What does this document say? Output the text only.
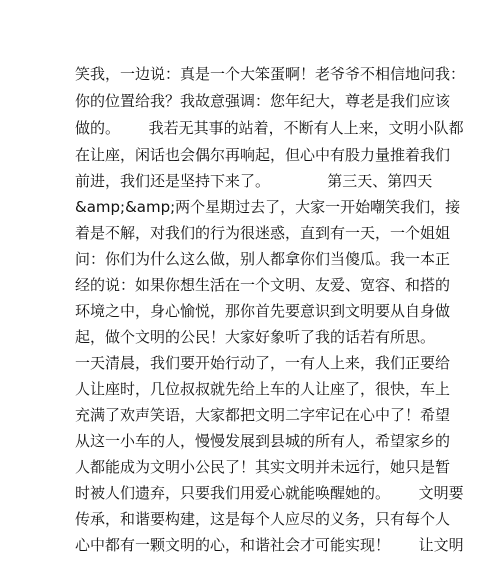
笑我，一边说：真是一个大笨蛋啊！老爷爷不相信地问我：
你的位置给我？我故意强调：您年纪大，尊老是我们应该
做的。      我若无其事的站着，不断有人上来，文明小队都
在让座，闲话也会偶尔再响起，但心中有股力量推着我们
前进，我们还是坚持下来了。            第三天、第四天
&amp;&amp;两个星期过去了，大家一开始嘲笑我们，接
着是不解，对我们的行为很迷惑，直到有一天，一个姐姐
问：你们为什么这么做，别人都拿你们当傻瓜。我一本正
经的说：如果你想生活在一个文明、友爱、宽容、和搭的
环境之中，身心愉悦，那你首先要意识到文明要从自身做
起，做个文明的公民！大家好象听了我的话若有所思。
一天清晨，我们要开始行动了，一有人上来，我们正要给
人让座时，几位叔叔就先给上车的人让座了，很快，车上
充满了欢声笑语，大家都把文明二字牢记在心中了！希望
从这一小车的人，慢慢发展到县城的所有人，希望家乡的
人都能成为文明小公民了！其实文明并未远行，她只是暂
时被人们遗弃，只要我们用爱心就能唤醒她的。      文明要
传承，和谐要构建，这是每个人应尽的义务，只有每个人
心中都有一颗文明的心，和谐社会才可能实现！      让文明
